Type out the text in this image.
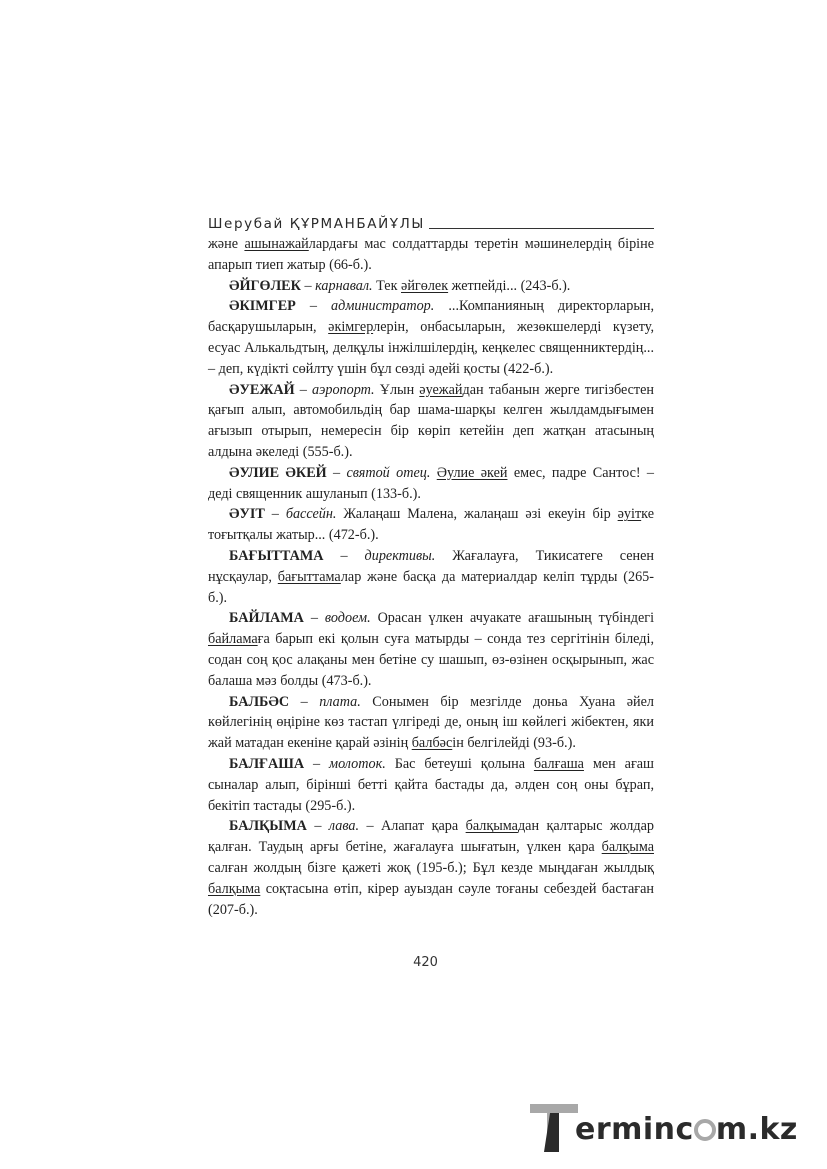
Шерубай ҚҰРМАНБАЙҰЛЫ

және ашынажайлардағы мас солдаттарды теретін мәшинелердің біріне апарып тиеп жатыр (66-б.).

ӘЙГӨЛЕК – карнавал. Тек әйгөлек жетпейді... (243-б.).

ӘКІМГЕР – администратор. ...Компанияның директорларын, басқарушыларын, әкімгерлерін, онбасыларын, жезөкшелерді күзету, есуас Алькальдтың, делқұлы інжілшілердің, кеңкелес священниктердің... – деп, күдікті сөйлту үшін бұл сөзді әдейі қосты (422-б.).

ӘУЕЖАЙ – аэропорт. Ұлын әуежайдан табанын жерге тигізбестен қағып алып, автомобильдің бар шама-шарқы келген жылдамдығымен ағызып отырып, немересін бір көріп кетейін деп жатқан атасының алдына әкеледі (555-б.).

ӘУЛИЕ ӘКЕЙ – святой отец. Әулие әкей емес, падре Сантос! – деді священник ашуланып (133-б.).

ӘУІТ – бассейн. Жалаңаш Малена, жалаңаш әзі екеуін бір әуітке тоғытқалы жатыр... (472-б.).

БАҒЫТТАМА – директивы. Жағалауға, Тикисатеге сенен нұсқаулар, бағыттамалар және басқа да материалдар келіп тұрды (265-б.).

БАЙЛАМА – водоем. Орасан үлкен ачуакате ағашының түбіндегі байламаға барып екі қолын суға матырды – сонда тез сергітінін біледі, содан соң қос алақаны мен бетіне су шашып, өз-өзінен осқырынып, жас балаша мәз болды (473-б.).

БАЛБӘС – плата. Сонымен бір мезгілде доньа Хуана әйел көйлегінің өңіріне көз тастап үлгіреді де, оның іш көйлегі жібектен, яки жай матадан екеніне қарай әзінің балбәсін белгілейді (93-б.).

БАЛҒАША – молоток. Бас бетеуші қолына балғаша мен ағаш сыналар алып, бірінші бетті қайта бастады да, әлден соң оны бұрап, бекітіп тастады (295-б.).

БАЛҚЫМА – лава. – Алапат қара балқымадан қалтарыс жолдар қалған. Таудың арғы бетіне, жағалауға шығатын, үлкен қара балқыма салған жолдың бізге қажеті жоқ (195-б.); Бұл кезде мыңдаған жылдық балқыма соқтасына өтіп, кірер ауыздан сәуле тоғаны себездей бастаған (207-б.).

420
erminc m.kz
